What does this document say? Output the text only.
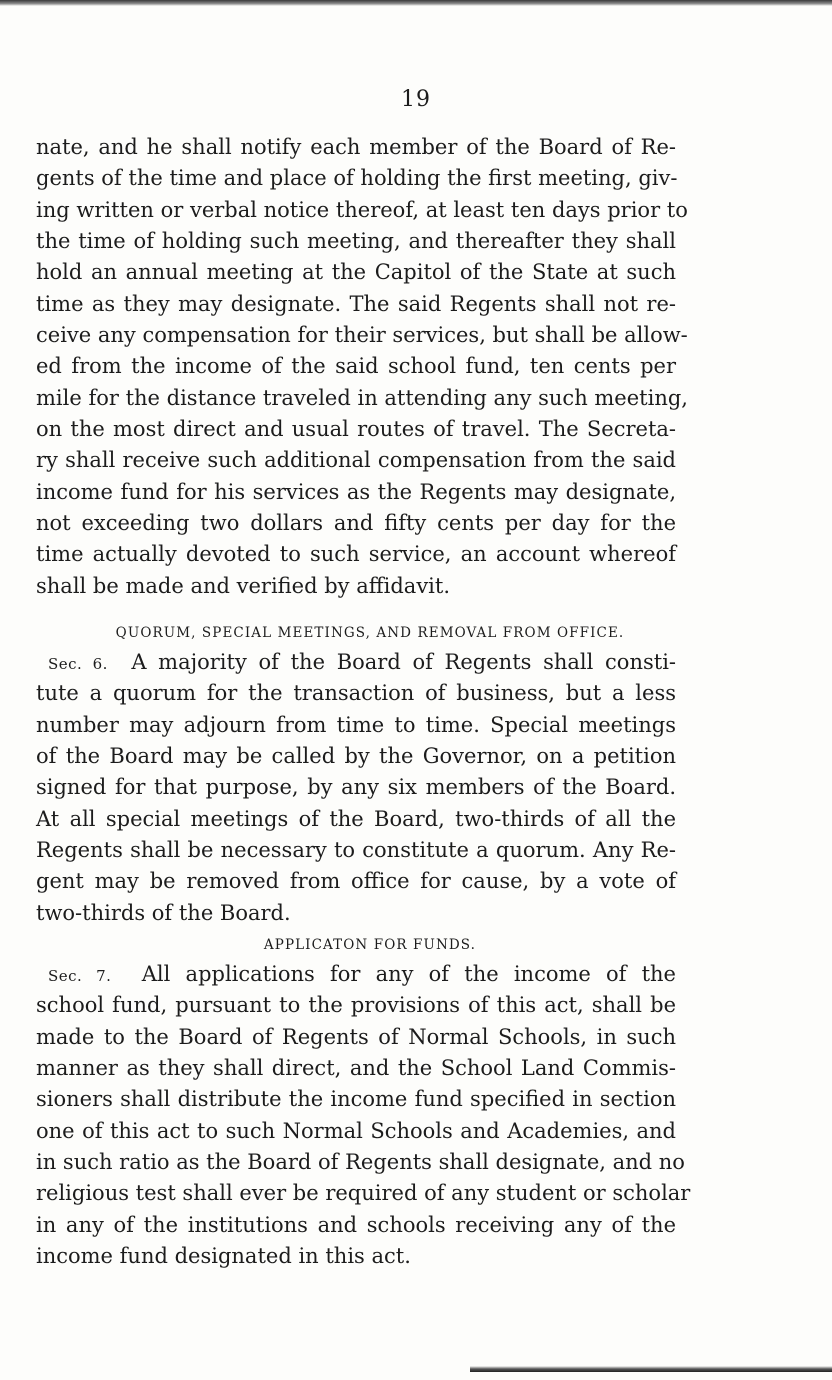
19
nate, and he shall notify each member of the Board of Re-
gents of the time and place of holding the first meeting, giv-
ing written or verbal notice thereof, at least ten days prior to
the time of holding such meeting, and thereafter they shall
hold an annual meeting at the Capitol of the State at such
time as they may designate. The said Regents shall not re-
ceive any compensation for their services, but shall be allow-
ed from the income of the said school fund, ten cents per
mile for the distance traveled in attending any such meeting,
on the most direct and usual routes of travel. The Secreta-
ry shall receive such additional compensation from the said
income fund for his services as the Regents may designate,
not exceeding two dollars and fifty cents per day for the
time actually devoted to such service, an account whereof
shall be made and verified by affidavit.
QUORUM, SPECIAL MEETINGS, AND REMOVAL FROM OFFICE.
Sec. 6. A majority of the Board of Regents shall consti-
tute a quorum for the transaction of business, but a less
number may adjourn from time to time. Special meetings
of the Board may be called by the Governor, on a petition
signed for that purpose, by any six members of the Board.
At all special meetings of the Board, two-thirds of all the
Regents shall be necessary to constitute a quorum. Any Re-
gent may be removed from office for cause, by a vote of
two-thirds of the Board.
APPLICATON FOR FUNDS.
Sec. 7. All applications for any of the income of the
school fund, pursuant to the provisions of this act, shall be
made to the Board of Regents of Normal Schools, in such
manner as they shall direct, and the School Land Commis-
sioners shall distribute the income fund specified in section
one of this act to such Normal Schools and Academies, and
in such ratio as the Board of Regents shall designate, and no
religious test shall ever be required of any student or scholar
in any of the institutions and schools receiving any of the
income fund designated in this act.
